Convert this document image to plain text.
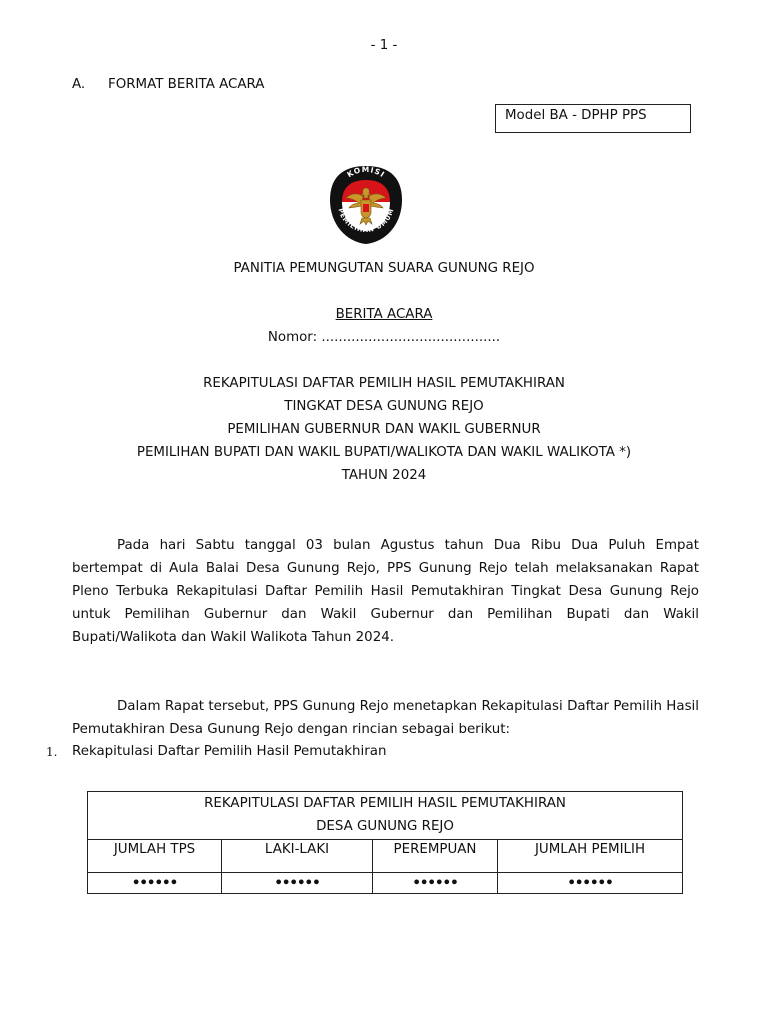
- 1 -
A. FORMAT BERITA ACARA
Model BA - DPHP PPS
KOMISI
PEMILIHAN UMUM
PANITIA PEMUNGUTAN SUARA GUNUNG REJO
BERITA ACARA
Nomor: ..........................................
REKAPITULASI DAFTAR PEMILIH HASIL PEMUTAKHIRAN
TINGKAT DESA GUNUNG REJO
PEMILIHAN GUBERNUR DAN WAKIL GUBERNUR
PEMILIHAN BUPATI DAN WAKIL BUPATI/WALIKOTA DAN WAKIL WALIKOTA *)
TAHUN 2024

Pada hari Sabtu tanggal 03 bulan Agustus tahun Dua Ribu Dua Puluh Empat bertempat di Aula Balai Desa Gunung Rejo, PPS Gunung Rejo telah melaksanakan Rapat Pleno Terbuka Rekapitulasi Daftar Pemilih Hasil Pemutakhiran Tingkat Desa Gunung Rejo untuk Pemilihan Gubernur dan Wakil Gubernur dan Pemilihan Bupati dan Wakil Bupati/Walikota dan Wakil Walikota Tahun 2024.

Dalam Rapat tersebut, PPS Gunung Rejo menetapkan Rekapitulasi Daftar Pemilih Hasil Pemutakhiran Desa Gunung Rejo dengan rincian sebagai berikut:

1. Rekapitulasi Daftar Pemilih Hasil Pemutakhiran
REKAPITULASI DAFTAR PEMILIH HASIL PEMUTAKHIRAN
DESA GUNUNG REJO			

JUMLAH TPS	LAKI-LAKI	PEREMPUAN	JUMLAH PEMILIH
••••••	••••••	••••••	••••••
